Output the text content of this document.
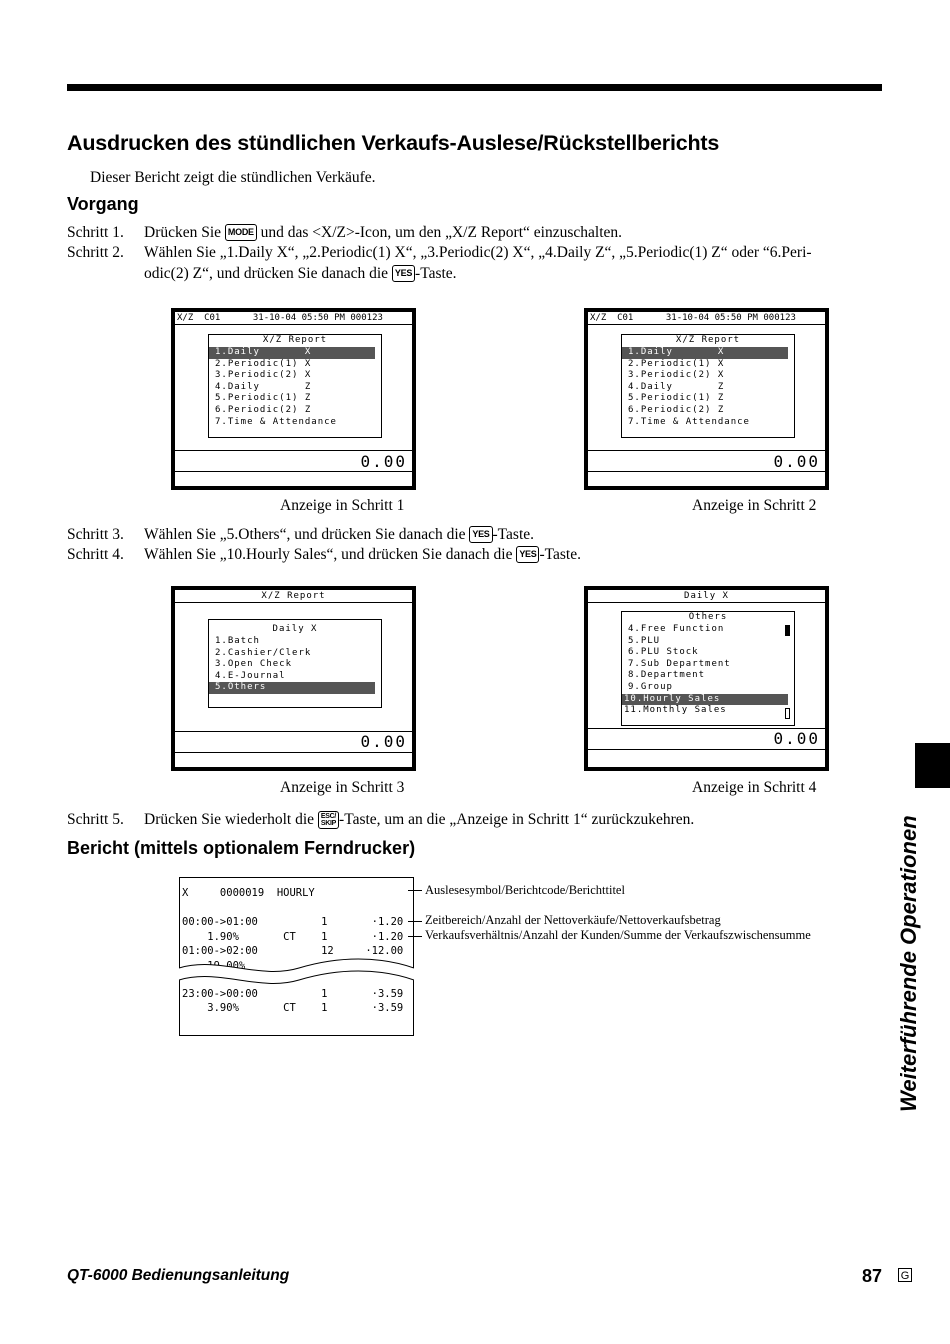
Ausdrucken des stündlichen Verkaufs-Auslese/Rückstellberichts
Dieser Bericht zeigt die stündlichen Verkäufe.
Vorgang
Schritt 1. Drücken Sie MODE und das <X/Z>-Icon, um den „X/Z Report“ einzuschalten.
Schritt 2. Wählen Sie „1.Daily X“, „2.Periodic(1) X“, „3.Periodic(2) X“, „4.Daily Z“, „5.Periodic(1) Z“ oder “6.Peri-
odic(2) Z“, und drücken Sie danach die YES -Taste.
X/Z  C01      31-10-04 05:50 PM 000123
X/Z Report
1.Daily       X
2.Periodic(1) X
3.Periodic(2) X
4.Daily       Z
5.Periodic(1) Z
6.Periodic(2) Z
7.Time & Attendance
0.00
Anzeige in Schritt 1
X/Z  C01      31-10-04 05:50 PM 000123
X/Z Report
1.Daily       X
2.Periodic(1) X
3.Periodic(2) X
4.Daily       Z
5.Periodic(1) Z
6.Periodic(2) Z
7.Time & Attendance
0.00
Anzeige in Schritt 2
Schritt 3. Wählen Sie „5.Others“, und drücken Sie danach die YES -Taste.
Schritt 4. Wählen Sie „10.Hourly Sales“, und drücken Sie danach die YES -Taste.
X/Z Report
Daily X
1.Batch
2.Cashier/Clerk
3.Open Check
4.E-Journal
5.Others
0.00
Anzeige in Schritt 3
Daily X
Others
4.Free Function
5.PLU
6.PLU Stock
7.Sub Department
8.Department
9.Group
10.Hourly Sales
11.Monthly Sales
0.00
Anzeige in Schritt 4
Schritt 5. Drücken Sie wiederholt die ESC/
SKIP -Taste, um an die „Anzeige in Schritt 1“ zurückzukehren.
Bericht (mittels optionalem Ferndrucker)
X     0000019  HOURLY
00:00->01:00          1       ·1.20
1.90%       CT    1       ·1.20
01:00->02:00          12     ·12.00
19.00%
23:00->00:00          1       ·3.59
3.90%       CT    1       ·3.59
Auslesesymbol/Berichtcode/Berichttitel
Zeitbereich/Anzahl der Nettoverkäufe/Nettoverkaufsbetrag
Verkaufsverhältnis/Anzahl der Kunden/Summe der Verkaufszwischensumme	Weiterführende Operationen
QT-6000 Bedienungsanleitung	87 G
